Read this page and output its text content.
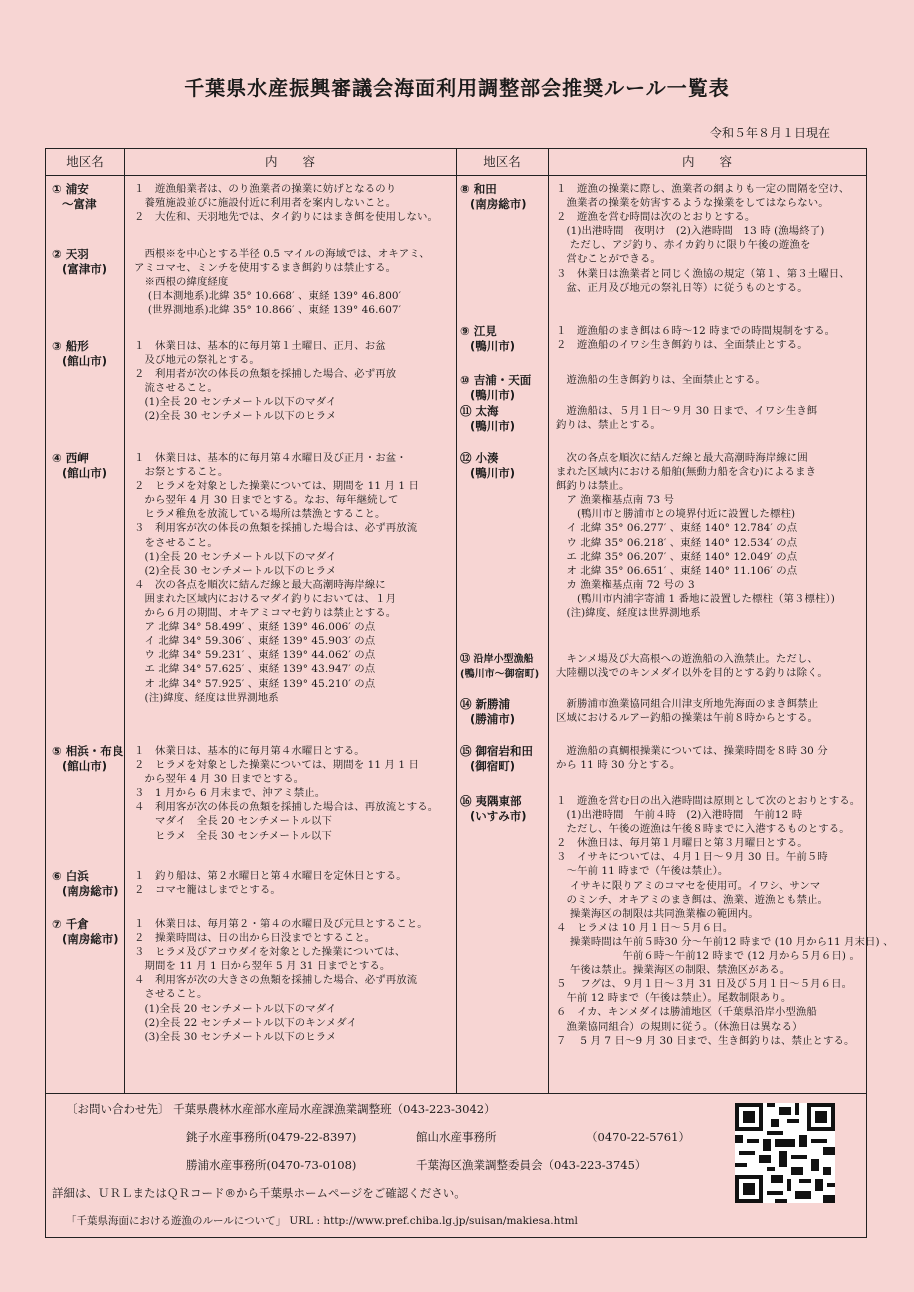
千葉県水産振興審議会海面利用調整部会推奨ルール一覧表
令和５年８月１日現在
地区名	内　　容	地区名	内　　容
① 浦安
〜富津
１　遊漁船業者は、のり漁業者の操業に妨げとなるのり
　養殖施設並びに施設付近に利用者を案内しないこと。
２　大佐和、天羽地先では、タイ釣りにはまき餌を使用しない。
② 天羽
(富津市)
　西根※を中心とする半径 0.5 マイルの海域では、オキアミ、
アミコマセ、ミンチを使用するまき餌釣りは禁止する。
　※西根の緯度経度
　 (日本測地系)北緯 35° 10.668′ 、東経 139° 46.800′
　 (世界測地系)北緯 35° 10.866′ 、東経 139° 46.607′
③ 船形
(館山市)
１　休業日は、基本的に毎月第１土曜日、正月、お盆
　及び地元の祭礼とする。
２　利用者が次の体長の魚類を採捕した場合、必ず再放
　流させること。
　(1)全長 20 センチメートル以下のマダイ
　(2)全長 30 センチメートル以下のヒラメ
④ 西岬
(館山市)
１　休業日は、基本的に毎月第４水曜日及び正月・お盆・
　お祭とすること。
２　ヒラメを対象とした操業については、期間を 11 月 1 日
　から翌年 4 月 30 日までとする。なお、毎年継続して
　ヒラメ稚魚を放流している場所は禁漁とすること。
３　利用客が次の体長の魚類を採捕した場合は、必ず再放流
　をさせること。
　(1)全長 20 センチメートル以下のマダイ
　(2)全長 30 センチメートル以下のヒラメ
４　次の各点を順次に結んだ線と最大高潮時海岸線に
　囲まれた区域内におけるマダイ釣りにおいては、１月
　から６月の期間、オキアミコマセ釣りは禁止とする。
　ア 北緯 34° 58.499′ 、東経 139° 46.006′ の点
　イ 北緯 34° 59.306′ 、東経 139° 45.903′ の点
　ウ 北緯 34° 59.231′ 、東経 139° 44.062′ の点
　エ 北緯 34° 57.625′ 、東経 139° 43.947′ の点
　オ 北緯 34° 57.925′ 、東経 139° 45.210′ の点
　(注)緯度、経度は世界測地系
⑤ 相浜・布良
(館山市)
１　休業日は、基本的に毎月第４水曜日とする。
２　ヒラメを対象とした操業については、期間を 11 月 1 日
　から翌年 4 月 30 日までとする。
３　1 月から 6 月末まで、沖アミ禁止。
４　利用客が次の体長の魚類を採捕した場合は、再放流とする。
　　マダイ　全長 20 センチメートル以下
　　ヒラメ　全長 30 センチメートル以下
⑥ 白浜
(南房総市)
１　釣り船は、第２水曜日と第４水曜日を定休日とする。
２　コマセ籠はしまでとする。
⑦ 千倉
(南房総市)
１　休業日は、毎月第２・第４の水曜日及び元旦とすること。
２　操業時間は、日の出から日没までとすること。
３　ヒラメ及びアコウダイを対象とした操業については、
　期間を 11 月 1 日から翌年 5 月 31 日までとする。
４　利用客が次の大きさの魚類を採捕した場合、必ず再放流
　させること。
　(1)全長 20 センチメートル以下のマダイ
　(2)全長 22 センチメートル以下のキンメダイ
　(3)全長 30 センチメートル以下のヒラメ
⑧ 和田
(南房総市)
１　遊漁の操業に際し、漁業者の網よりも一定の間隔を空け、
　漁業者の操業を妨害するような操業をしてはならない。
２　遊漁を営む時間は次のとおりとする。
　(1)出港時間　夜明け　(2)入港時間　13 時 (漁場終了)
　 ただし、アジ釣り、赤イカ釣りに限り午後の遊漁を
　営むことができる。
３　休業日は漁業者と同じく漁協の規定（第１、第３土曜日、
　盆、正月及び地元の祭礼日等）に従うものとする。
⑨ 江見
(鴨川市)
１　遊漁船のまき餌は６時〜12 時までの時間規制をする。
２　遊漁船のイワシ生き餌釣りは、全面禁止とする。
⑩ 吉浦・天面
(鴨川市)
　遊漁船の生き餌釣りは、全面禁止とする。
⑪ 太海
(鴨川市)
　遊漁船は、５月１日〜９月 30 日まで、イワシ生き餌
釣りは、禁止とする。
⑫ 小湊
(鴨川市)
　次の各点を順次に結んだ線と最大高潮時海岸線に囲
まれた区域内における船舶(無動力船を含む)によるまき
餌釣りは禁止。
　ア 漁業権基点南 73 号
　　(鴨川市と勝浦市との境界付近に設置した標柱)
　イ 北緯 35° 06.277′ 、東経 140° 12.784′ の点
　ウ 北緯 35° 06.218′ 、東経 140° 12.534′ の点
　エ 北緯 35° 06.207′ 、東経 140° 12.049′ の点
　オ 北緯 35° 06.651′ 、東経 140° 11.106′ の点
　カ 漁業権基点南 72 号の 3
　　(鴨川市内浦字寄浦 1 番地に設置した標柱（第３標柱）)
　(注)緯度、経度は世界測地系
⑬ 沿岸小型漁船
(鴨川市〜御宿町)
　キンメ場及び大高根への遊漁船の入漁禁止。ただし、
大陸棚以浅でのキンメダイ以外を目的とする釣りは除く。
⑭ 新勝浦
(勝浦市)
　新勝浦市漁業協同組合川津支所地先海面のまき餌禁止
区域におけるルアー釣船の操業は午前８時からとする。
⑮ 御宿岩和田
(御宿町)
　遊漁船の真鯛根操業については、操業時間を８時 30 分
から 11 時 30 分とする。
⑯ 夷隅東部
(いすみ市)
１　遊漁を営む日の出入港時間は原則として次のとおりとする。
　(1)出港時間　午前４時　(2)入港時間　午前12 時
　ただし、午後の遊漁は午後８時までに入港するものとする。
２　休漁日は、毎月第１月曜日と第３月曜日とする。
３　イサキについては、４月１日〜９月 30 日。午前５時
　〜午前 11 時まで（午後は禁止）。
　 イサキに限りアミのコマセを使用可。イワシ、サンマ
　のミンチ、オキアミのまき餌は、漁業、遊漁とも禁止。
　 操業海区の制限は共同漁業権の範囲内。
４　ヒラメは 10 月１日〜５月６日。
　 操業時間は午前５時30 分〜午前12 時まで (10 月から11 月末日) 、
　　　　　　 午前６時〜午前12 時まで (12 月から５月６日) 。
　 午後は禁止。操業海区の制限、禁漁区がある。
５　 フグは、９月１日〜３月 31 日及び５月１日〜５月６日。
　午前 12 時まで（午後は禁止）。尾数制限あり。
６　イカ、キンメダイは勝浦地区（千葉県沿岸小型漁船
　漁業協同組合）の規則に従う。（休漁日は異なる）
７　 5 月 7 日〜9 月 30 日まで、生き餌釣りは、禁止とする。
〔お問い合わせ先〕 千葉県農林水産部水産局水産課漁業調整班（043-223-3042）
銚子水産事務所(0479-22-8397)	館山水産事務所	（0470-22-5761）
勝浦水産事務所(0470-73-0108)	千葉海区漁業調整委員会（043-223-3745）
詳細は、ＵＲＬまたはＱＲコード®から千葉県ホームページをご確認ください。
「千葉県海面における遊漁のルールについて」 URL : http://www.pref.chiba.lg.jp/suisan/makiesa.html
